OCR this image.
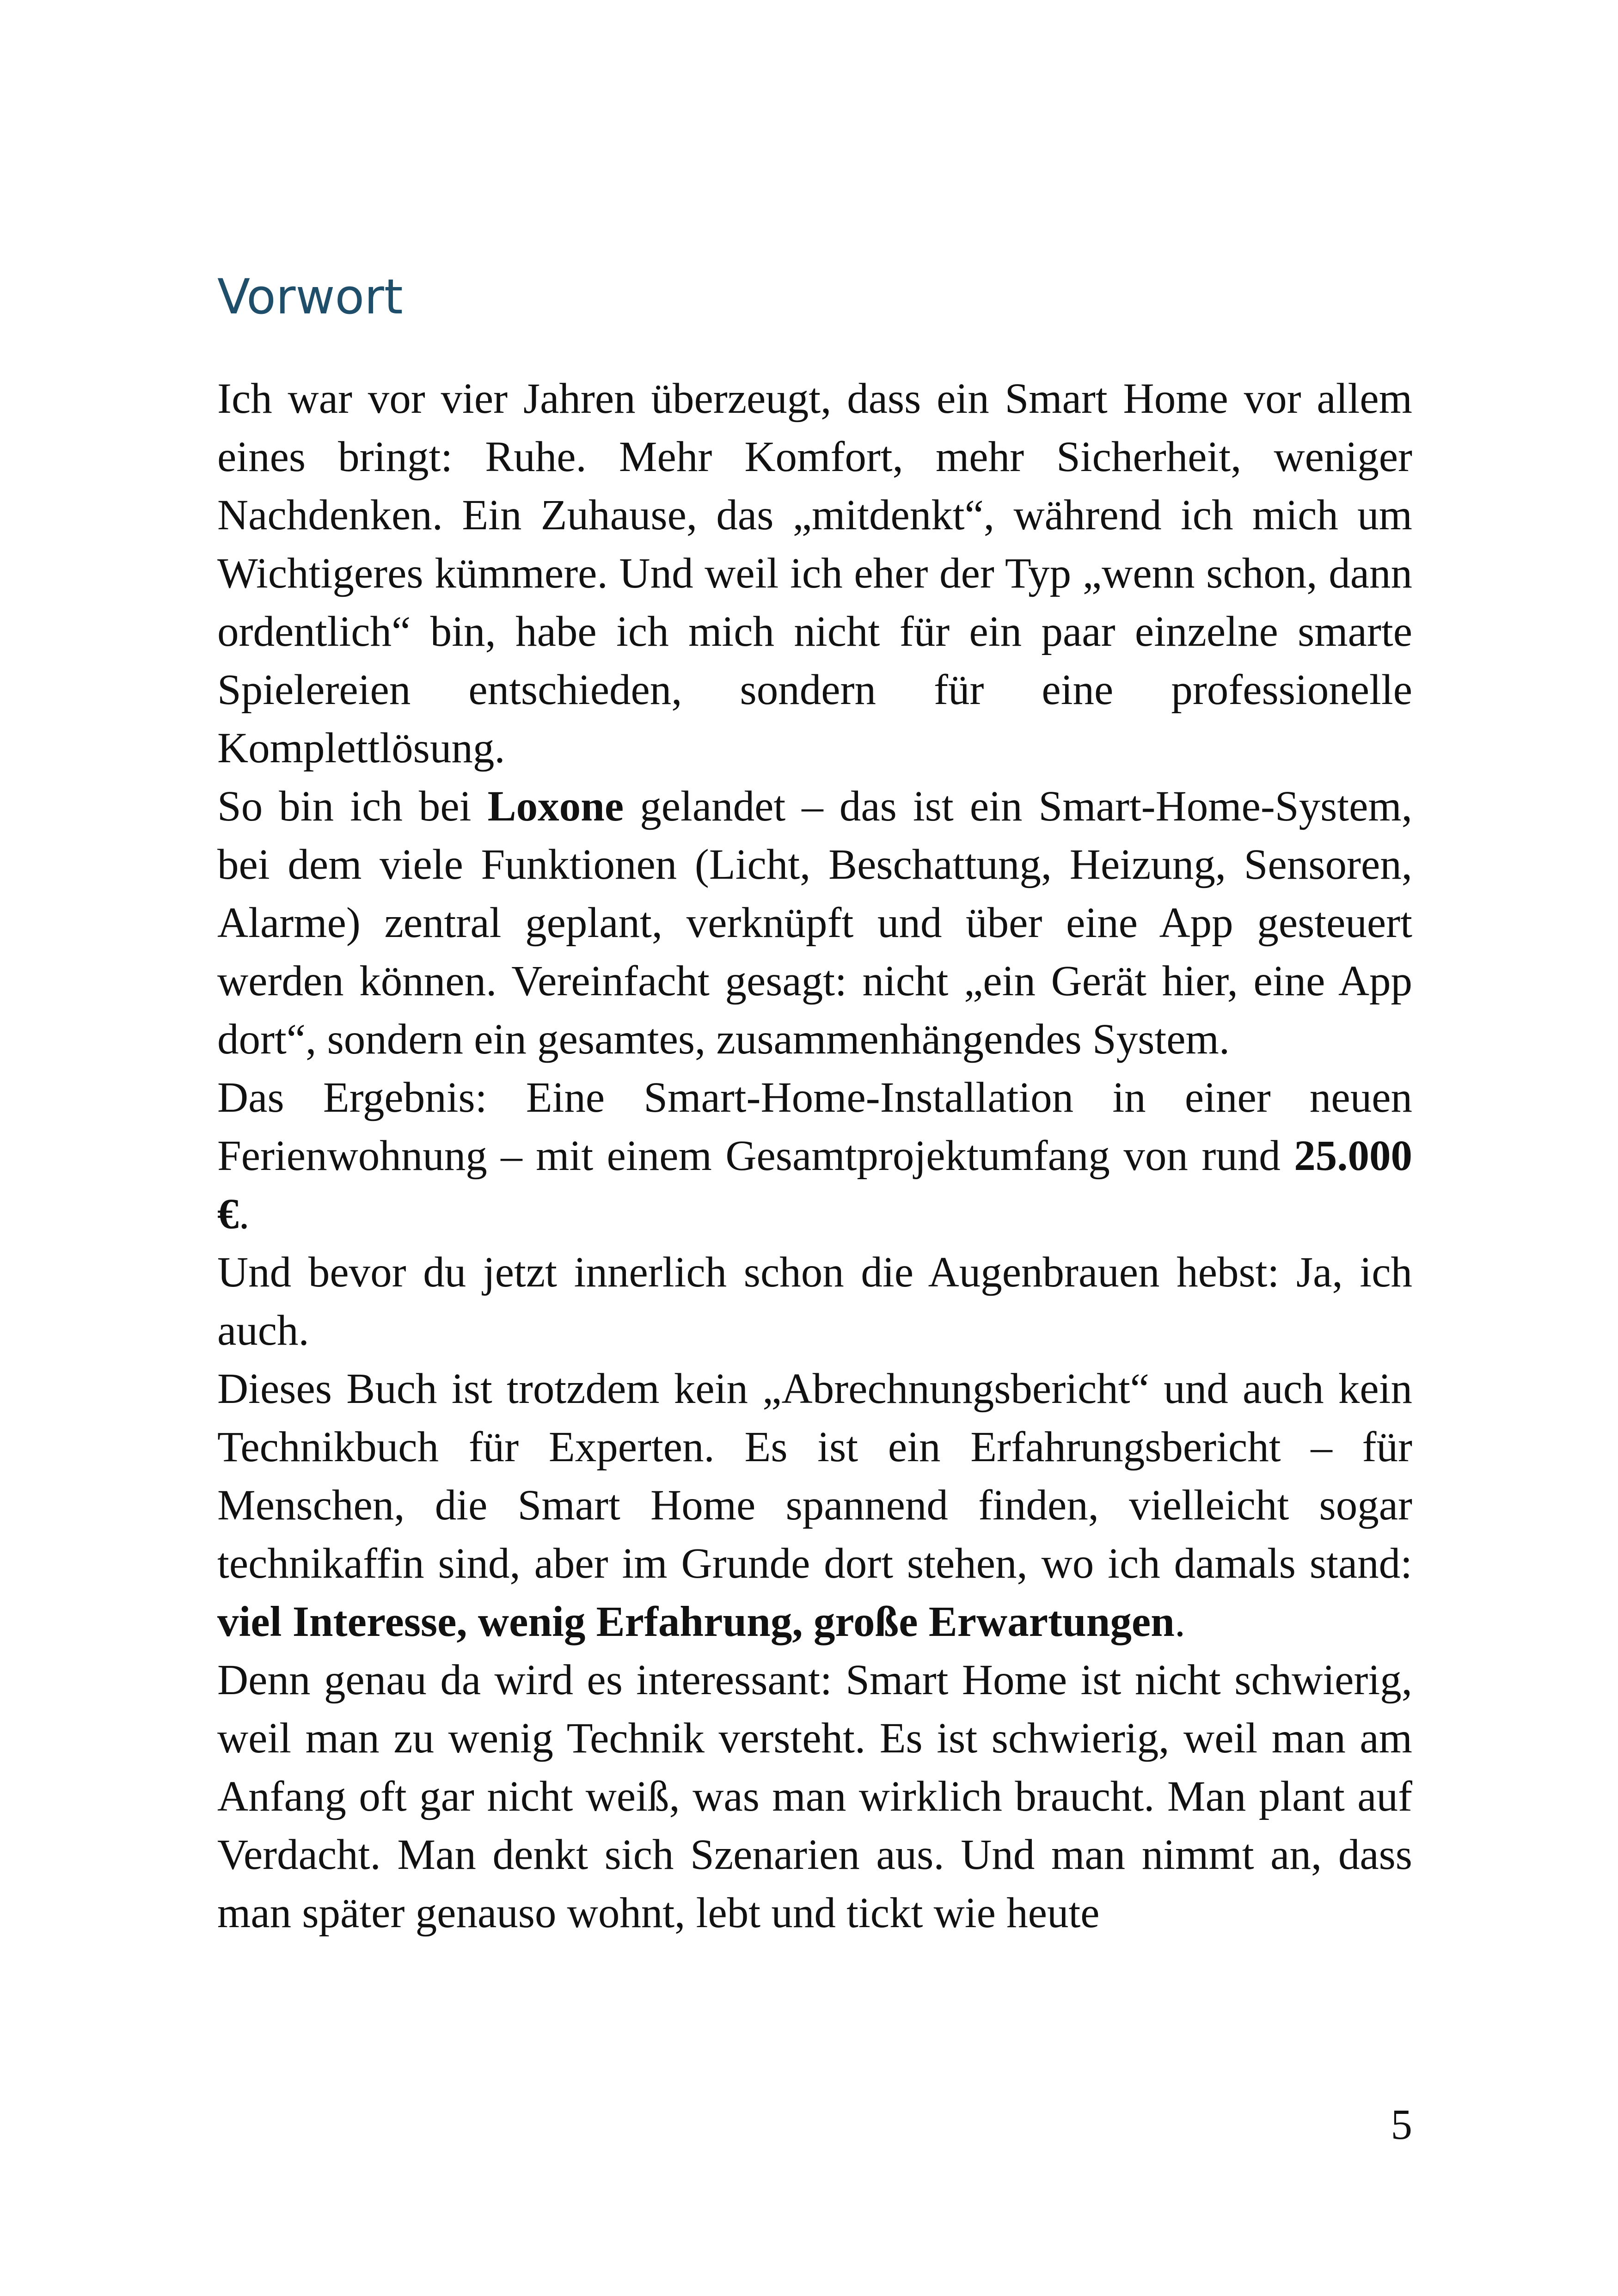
Vorwort

Ich war vor vier Jahren überzeugt, dass ein Smart Home vor allem eines bringt: Ruhe. Mehr Komfort, mehr Sicherheit, weniger Nachdenken. Ein Zuhause, das „mitdenkt“, während ich mich um Wichtigeres kümmere. Und weil ich eher der Typ „wenn schon, dann ordentlich“ bin, habe ich mich nicht für ein paar einzelne smarte Spielereien entschieden, sondern für eine professionelle Komplettlösung.

So bin ich bei Loxone gelandet – das ist ein Smart-Home-System, bei dem viele Funktionen (Licht, Beschattung, Heizung, Sensoren, Alarme) zentral geplant, verknüpft und über eine App gesteuert werden können. Vereinfacht gesagt: nicht „ein Gerät hier, eine App dort“, sondern ein gesamtes, zusammenhängendes System.

Das Ergebnis: Eine Smart-Home-Installation in einer neuen Ferienwohnung – mit einem Gesamtprojektumfang von rund 25.000 €.

Und bevor du jetzt innerlich schon die Augenbrauen hebst: Ja, ich auch.

Dieses Buch ist trotzdem kein „Abrechnungsbericht“ und auch kein Technikbuch für Experten. Es ist ein Erfahrungsbericht – für Menschen, die Smart Home spannend finden, vielleicht sogar technikaffin sind, aber im Grunde dort stehen, wo ich damals stand: viel Interesse, wenig Erfahrung, große Erwartungen.

Denn genau da wird es interessant: Smart Home ist nicht schwierig, weil man zu wenig Technik versteht. Es ist schwierig, weil man am Anfang oft gar nicht weiß, was man wirklich braucht. Man plant auf Verdacht. Man denkt sich Szenarien aus. Und man nimmt an, dass man später genauso wohnt, lebt und tickt wie heute

5
